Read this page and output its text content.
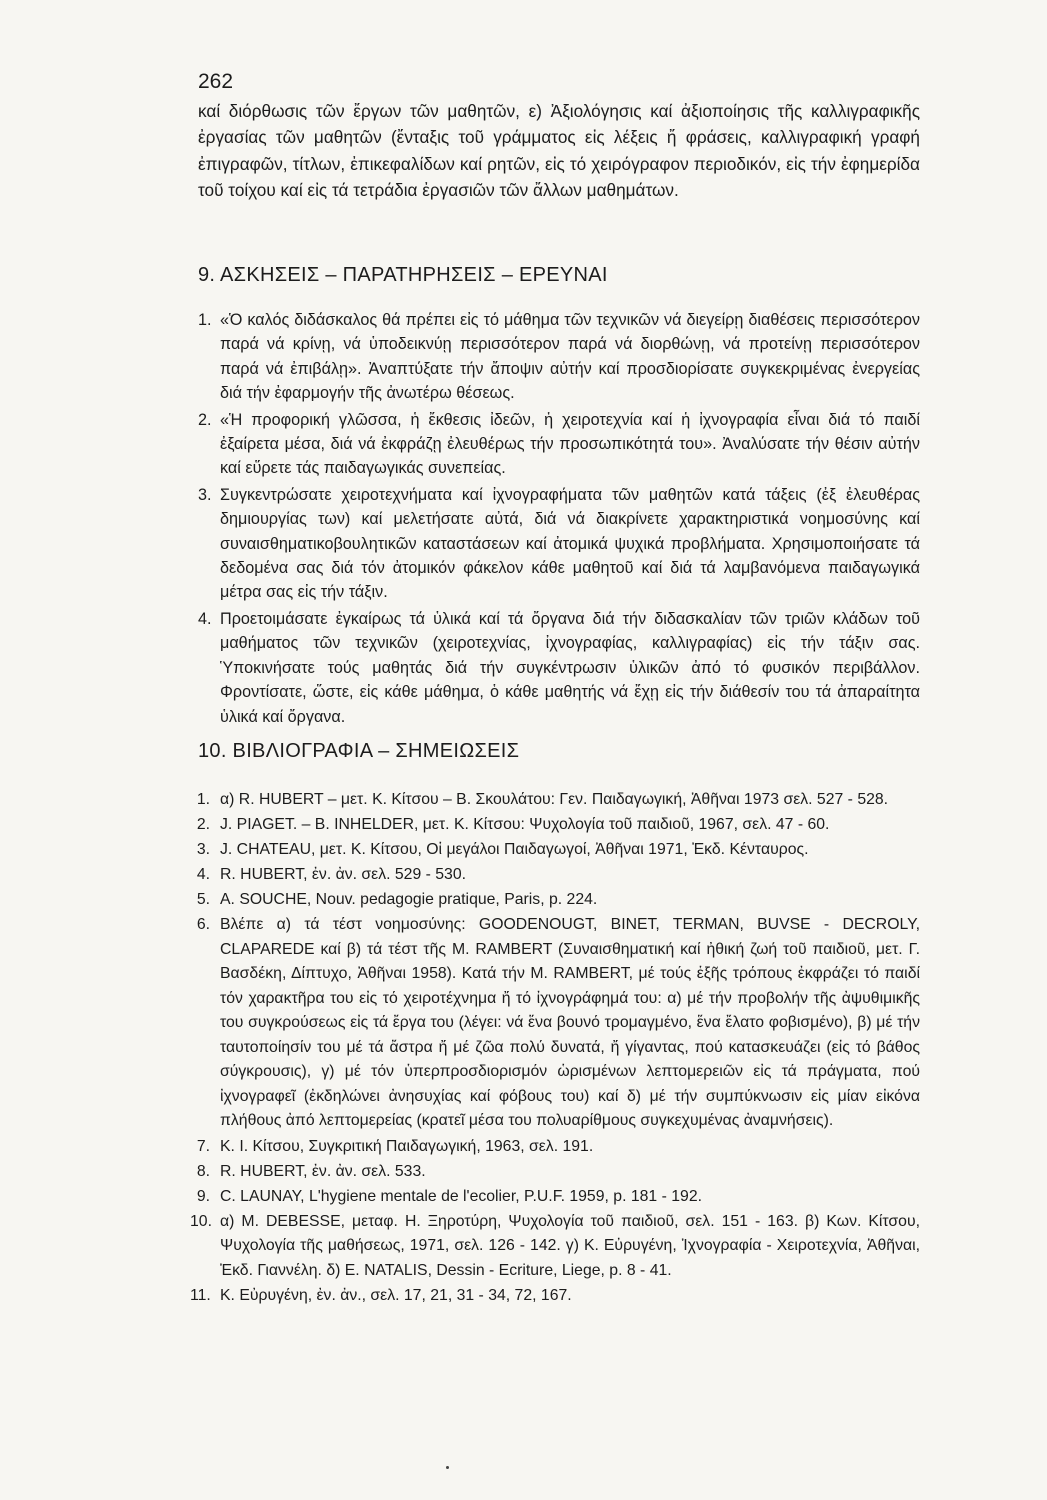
262
καί διόρθωσις τῶν ἔργων τῶν μαθητῶν, ε) Ἀξιολόγησις καί ἀξιοποίησις τῆς καλλιγραφικῆς ἐργασίας τῶν μαθητῶν (ἔνταξις τοῦ γράμματος εἰς λέξεις ἤ φράσεις, καλλιγραφική γραφή ἐπιγραφῶν, τίτλων, ἐπικεφαλίδων καί ρητῶν, εἰς τό χειρόγραφον περιοδικόν, εἰς τήν ἐφημερίδα τοῦ τοίχου καί εἰς τά τετράδια ἐργασιῶν τῶν ἄλλων μαθημάτων.
9. ΑΣΚΗΣΕΙΣ – ΠΑΡΑΤΗΡΗΣΕΙΣ – ΕΡΕΥΝΑΙ
1. «Ὁ καλός διδάσκαλος θά πρέπει εἰς τό μάθημα τῶν τεχνικῶν νά διεγείρῃ διαθέσεις περισσότερον παρά νά κρίνῃ, νά ὑποδεικνύῃ περισσότερον παρά νά διορθώνῃ, νά προτείνῃ περισσότερον παρά νά ἐπιβάλῃ». Ἀναπτύξατε τήν ἄποψιν αὐτήν καί προσδιορίσατε συγκεκριμένας ἐνεργείας διά τήν ἐφαρμογήν τῆς ἀνωτέρω θέσεως.
2. «Ἡ προφορική γλῶσσα, ἡ ἔκθεσις ἰδεῶν, ἡ χειροτεχνία καί ἡ ἰχνογραφία εἶναι διά τό παιδί ἐξαίρετα μέσα, διά νά ἐκφράζῃ ἐλευθέρως τήν προσωπικότητά του». Ἀναλύσατε τήν θέσιν αὐτήν καί εὕρετε τάς παιδαγωγικάς συνεπείας.
3. Συγκεντρώσατε χειροτεχνήματα καί ἰχνογραφήματα τῶν μαθητῶν κατά τάξεις (ἐξ ἐλευθέρας δημιουργίας των) καί μελετήσατε αὐτά, διά νά διακρίνετε χαρακτηριστικά νοημοσύνης καί συναισθηματικοβουλητικῶν καταστάσεων καί ἀτομικά ψυχικά προβλήματα. Χρησιμοποιήσατε τά δεδομένα σας διά τόν ἀτομικόν φάκελον κάθε μαθητοῦ καί διά τά λαμβανόμενα παιδαγωγικά μέτρα σας εἰς τήν τάξιν.
4. Προετοιμάσατε ἐγκαίρως τά ὑλικά καί τά ὄργανα διά τήν διδασκαλίαν τῶν τριῶν κλάδων τοῦ μαθήματος τῶν τεχνικῶν (χειροτεχνίας, ἰχνογραφίας, καλλιγραφίας) εἰς τήν τάξιν σας. Ὑποκινήσατε τούς μαθητάς διά τήν συγκέντρωσιν ὑλικῶν ἀπό τό φυσικόν περιβάλλον. Φροντίσατε, ὥστε, εἰς κάθε μάθημα, ὁ κάθε μαθητής νά ἔχῃ εἰς τήν διάθεσίν του τά ἀπαραίτητα ὑλικά καί ὄργανα.
10. ΒΙΒΛΙΟΓΡΑΦΙΑ – ΣΗΜΕΙΩΣΕΙΣ
1. α) R. HUBERT – μετ. Κ. Κίτσου – Β. Σκουλάτου: Γεν. Παιδαγωγική, Ἀθῆναι 1973 σελ. 527 - 528.
2. J. PIAGET. – B. INHELDER, μετ. Κ. Κίτσου: Ψυχολογία τοῦ παιδιοῦ, 1967, σελ. 47 - 60.
3. J. CHATEAU, μετ. Κ. Κίτσου, Οἱ μεγάλοι Παιδαγωγοί, Ἀθῆναι 1971, Ἐκδ. Κένταυρος.
4. R. HUBERT, ἐν. ἀν. σελ. 529 - 530.
5. A. SOUCHE, Nouv. pedagogie pratique, Paris, p. 224.
6. Βλέπε α) τά τέστ νοημοσύνης: GOODENOUGT, BINET, TERMAN, BUVSE - DECROLY, CLAPAREDE καί β) τά τέστ τῆς M. RAMBERT (Συναισθηματική καί ἠθική ζωή τοῦ παιδιοῦ, μετ. Γ. Βασδέκη, Δίπτυχο, Ἀθῆναι 1958). Κατά τήν M. RAMBERT, μέ τούς ἑξῆς τρόπους ἐκφράζει τό παιδί τόν χαρακτῆρα του εἰς τό χειροτέχνημα ἤ τό ἰχνογράφημά του: α) μέ τήν προβολήν τῆς ἀψυθιμικῆς του συγκρούσεως εἰς τά ἔργα του (λέγει: νά ἕνα βουνό τρομαγμένο, ἕνα ἔλατο φοβισμένο), β) μέ τήν ταυτοποίησίν του μέ τά ἄστρα ἤ μέ ζῶα πολύ δυνατά, ἤ γίγαντας, πού κατασκευάζει (εἰς τό βάθος σύγκρουσις), γ) μέ τόν ὑπερπροσδιορισμόν ὡρισμένων λεπτομερειῶν εἰς τά πράγματα, πού ἰχνογραφεῖ (ἐκδηλώνει ἀνησυχίας καί φόβους του) καί δ) μέ τήν συμπύκνωσιν εἰς μίαν εἰκόνα πλήθους ἀπό λεπτομερείας (κρατεῖ μέσα του πολυαρίθμους συγκεχυμένας ἀναμνήσεις).
7. Κ. Ι. Κίτσου, Συγκριτική Παιδαγωγική, 1963, σελ. 191.
8. R. HUBERT, ἐν. ἀν. σελ. 533.
9. C. LAUNAY, L'hygiene mentale de l'ecolier, P.U.F. 1959, p. 181 - 192.
10. α) M. DEBESSE, μεταφ. Η. Ξηροτύρη, Ψυχολογία τοῦ παιδιοῦ, σελ. 151 - 163. β) Κων. Κίτσου, Ψυχολογία τῆς μαθήσεως, 1971, σελ. 126 - 142. γ) Κ. Εὐρυγένη, Ἰχνογραφία - Χειροτεχνία, Ἀθῆναι, Ἐκδ. Γιαννέλη. δ) E. NATALIS, Dessin - Ecriture, Liege, p. 8 - 41.
11. Κ. Εὐρυγένη, ἐν. ἀν., σελ. 17, 21, 31 - 34, 72, 167.
